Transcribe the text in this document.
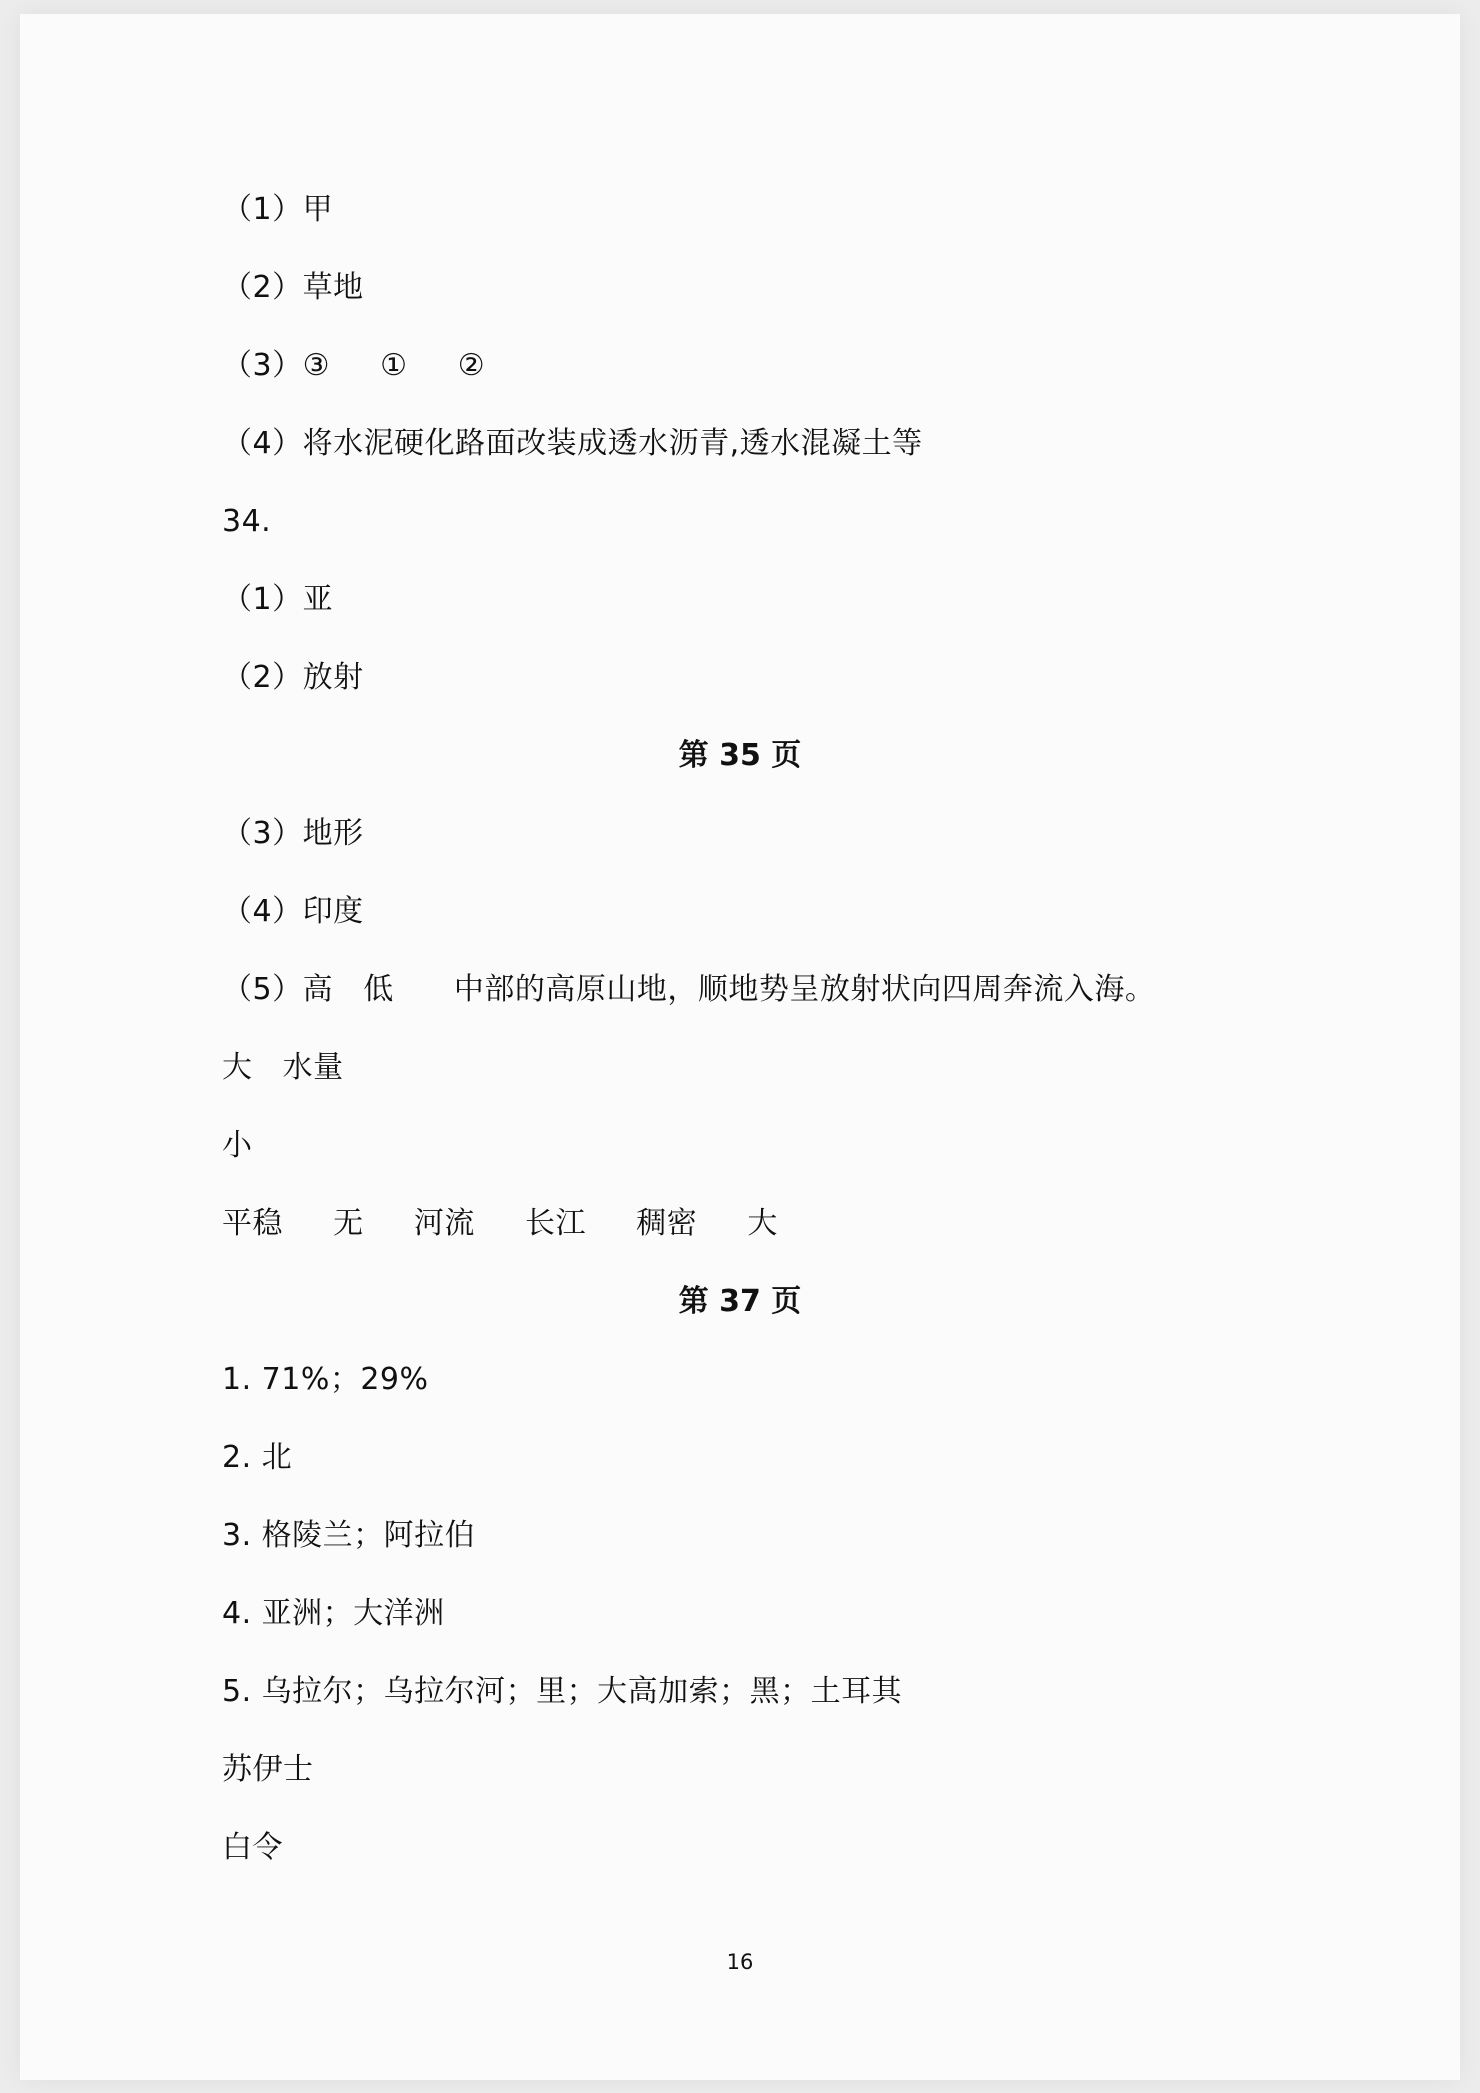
（1）甲
（2）草地
（3）③     ①     ②
（4）将水泥硬化路面改装成透水沥青,透水混凝土等
34.
（1）亚
（2）放射
第 35 页
（3）地形
（4）印度
（5）高   低      中部的高原山地，顺地势呈放射状向四周奔流入海。
大   水量
小
平稳     无     河流     长江     稠密     大
第 37 页
1. 71%；29%
2. 北
3. 格陵兰；阿拉伯
4. 亚洲；大洋洲
5. 乌拉尔；乌拉尔河；里；大高加索；黑；土耳其
苏伊士
白令
16
